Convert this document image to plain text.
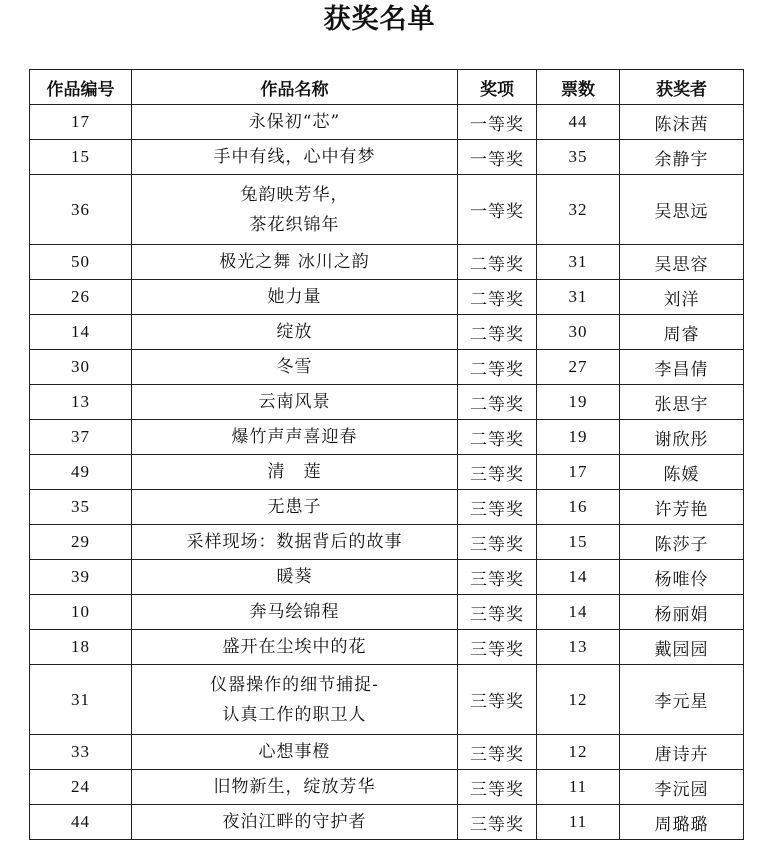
获奖名单
作品编号	作品名称	奖项	票数	获奖者
17	永保初“芯”	一等奖	44	陈沫茜
15	手中有线，心中有梦	一等奖	35	余静宇
36	兔韵映芳华，
茶花织锦年	一等奖	32	吴思远
50	极光之舞 冰川之韵	二等奖	31	吴思容
26	她力量	二等奖	31	刘洋
14	绽放	二等奖	30	周睿
30	冬雪	二等奖	27	李昌倩
13	云南风景	二等奖	19	张思宇
37	爆竹声声喜迎春	二等奖	19	谢欣彤
49	清　莲	三等奖	17	陈媛
35	无患子	三等奖	16	许芳艳
29	采样现场：数据背后的故事	三等奖	15	陈莎子
39	暖葵	三等奖	14	杨唯伶
10	奔马绘锦程	三等奖	14	杨丽娟
18	盛开在尘埃中的花	三等奖	13	戴园园
31	仪器操作的细节捕捉-
认真工作的职卫人	三等奖	12	李元星
33	心想事橙	三等奖	12	唐诗卉
24	旧物新生，绽放芳华	三等奖	11	李沅园
44	夜泊江畔的守护者	三等奖	11	周璐璐
